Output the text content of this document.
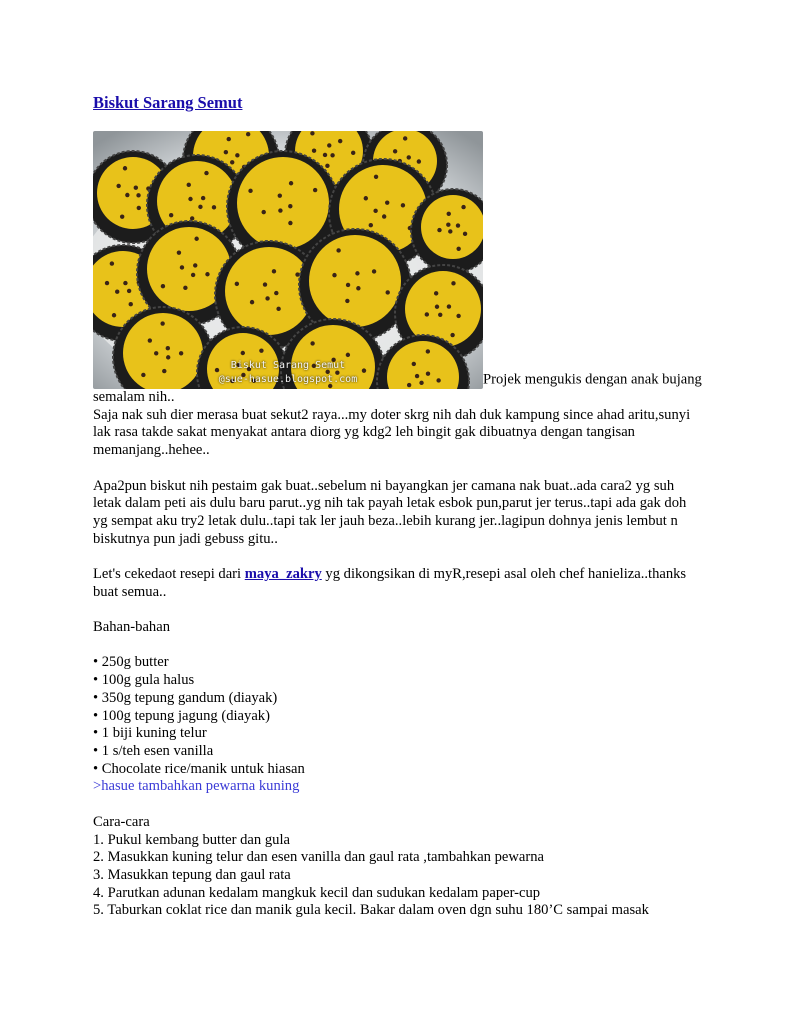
Biskut Sarang Semut
Biskut Sarang Semut
@sue-hasue.blogspot.com	Projek mengukis dengan anak bujang semalam nih..

Saja nak suh dier merasa buat sekut2 raya...my doter skrg nih dah duk kampung since ahad aritu,sunyi lak rasa takde sakat menyakat antara diorg yg kdg2 leh bingit gak dibuatnya dengan tangisan memanjang..hehee..

Apa2pun biskut nih pestaim gak buat..sebelum ni bayangkan jer camana nak buat..ada cara2 yg suh letak dalam peti ais dulu baru parut..yg nih tak payah letak esbok pun,parut jer terus..tapi ada gak doh yg sempat aku try2 letak dulu..tapi tak ler jauh beza..lebih kurang jer..lagipun dohnya jenis lembut n biskutnya pun jadi gebuss gitu..

Let's cekedaot resepi dari maya_zakry yg dikongsikan di myR,resepi asal oleh chef hanieliza..thanks buat semua..

Bahan-bahan

• 250g butter

• 100g gula halus

• 350g tepung gandum (diayak)

• 100g tepung jagung (diayak)

• 1 biji kuning telur

• 1 s/teh esen vanilla

• Chocolate rice/manik untuk hiasan

>hasue tambahkan pewarna kuning

Cara-cara

1. Pukul kembang butter dan gula

2. Masukkan kuning telur dan esen vanilla dan gaul rata ,tambahkan pewarna

3. Masukkan tepung dan gaul rata

4. Parutkan adunan kedalam mangkuk kecil dan sudukan kedalam paper-cup

5. Taburkan coklat rice dan manik gula kecil. Bakar dalam oven dgn suhu 180’C sampai masak
